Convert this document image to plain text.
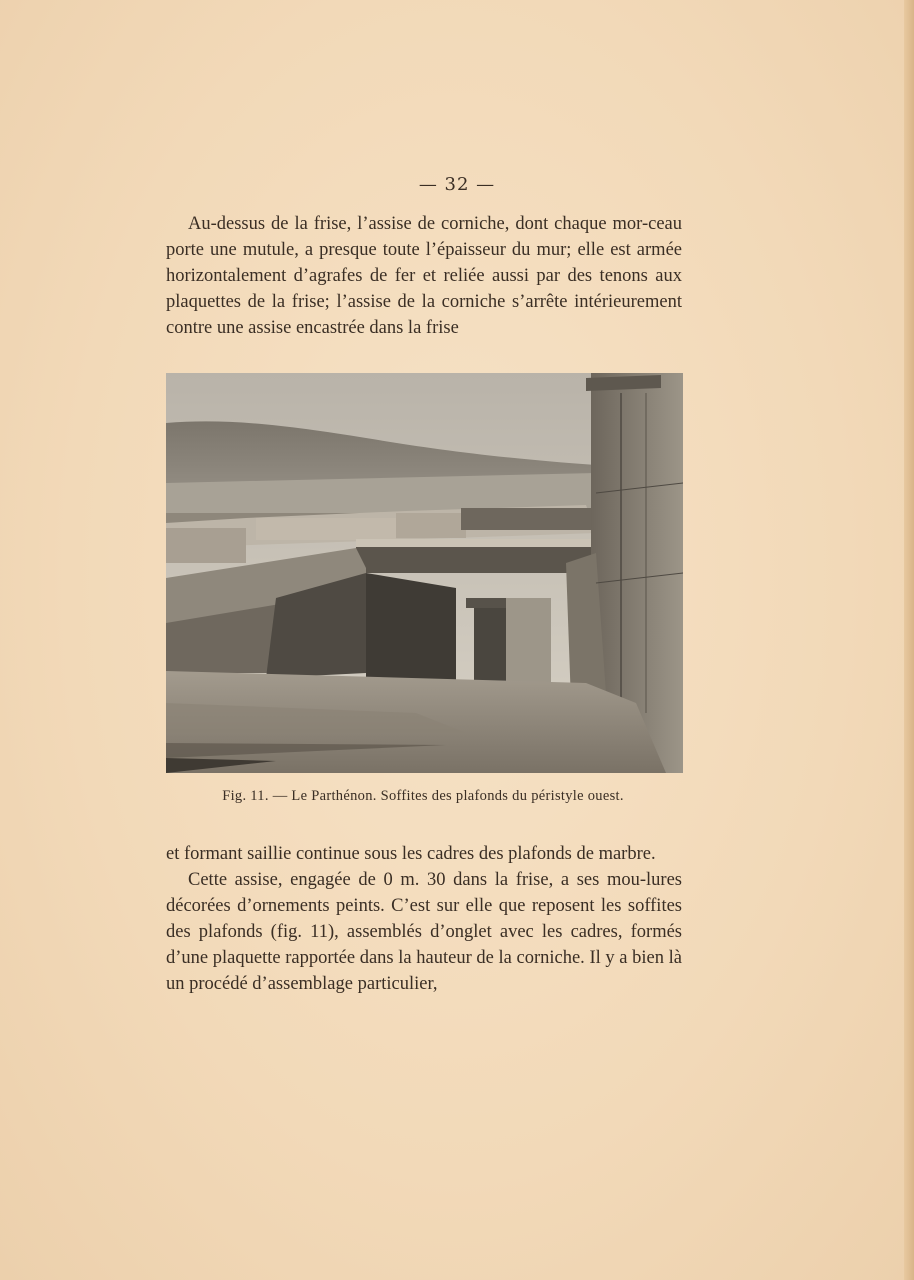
— 32 —

Au-dessus de la frise, l’assise de corniche, dont chaque mor-ceau porte une mutule, a presque toute l’épaisseur du mur; elle est armée horizontalement d’agrafes de fer et reliée aussi par des tenons aux plaquettes de la frise; l’assise de la corniche s’arrête intérieurement contre une assise encastrée dans la frise

Fig. 11. — Le Parthénon. Soffites des plafonds du péristyle ouest.

et formant saillie continue sous les cadres des plafonds de marbre.

Cette assise, engagée de 0 m. 30 dans la frise, a ses mou-lures décorées d’ornements peints. C’est sur elle que reposent les soffites des plafonds (fig. 11), assemblés d’onglet avec les cadres, formés d’une plaquette rapportée dans la hauteur de la corniche. Il y a bien là un procédé d’assemblage particulier,
